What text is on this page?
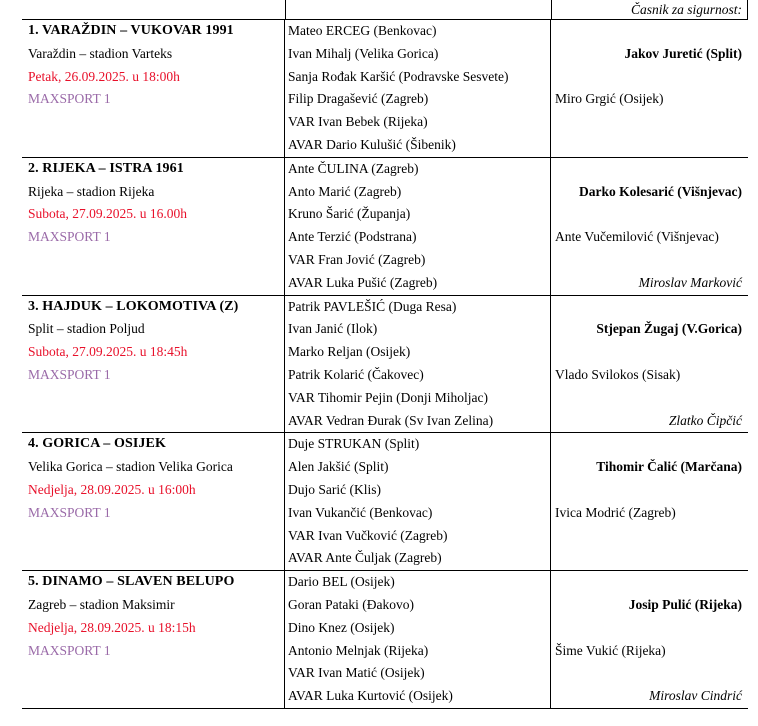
Časnik za sigurnost:
1. VARAŽDIN – VUKOVAR 1991
Varaždin – stadion Varteks
Petak, 26.09.2025. u 18:00h
MAXSPORT 1
Mateo ERCEG (Benkovac)
Ivan Mihalj (Velika Gorica)
Sanja Rođak Karšić (Podravske Sesvete)
Filip Dragašević (Zagreb)
VAR Ivan Bebek (Rijeka)
AVAR Dario Kulušić (Šibenik)
Jakov Juretić (Split)
Miro Grgić (Osijek)
2. RIJEKA – ISTRA 1961
Rijeka – stadion Rijeka
Subota, 27.09.2025. u 16.00h
MAXSPORT 1
Ante ČULINA (Zagreb)
Anto Marić (Zagreb)
Kruno Šarić (Županja)
Ante Terzić (Podstrana)
VAR Fran Jović (Zagreb)
AVAR Luka Pušić (Zagreb)
Darko Kolesarić (Višnjevac)
Ante Vučemilović (Višnjevac)
Miroslav Marković
3. HAJDUK – LOKOMOTIVA (Z)
Split – stadion Poljud
Subota, 27.09.2025. u 18:45h
MAXSPORT 1
Patrik PAVLEŠIĆ (Duga Resa)
Ivan Janić (Ilok)
Marko Reljan (Osijek)
Patrik Kolarić (Čakovec)
VAR Tihomir Pejin (Donji Miholjac)
AVAR Vedran Đurak (Sv Ivan Zelina)
Stjepan Žugaj (V.Gorica)
Vlado Svilokos (Sisak)
Zlatko Čipčić
4. GORICA – OSIJEK
Velika Gorica – stadion Velika Gorica
Nedjelja, 28.09.2025. u 16:00h
MAXSPORT 1
Duje STRUKAN (Split)
Alen Jakšić (Split)
Dujo Sarić (Klis)
Ivan Vukančić (Benkovac)
VAR Ivan Vučković (Zagreb)
AVAR Ante Čuljak (Zagreb)
Tihomir Čalić (Marčana)
Ivica Modrić (Zagreb)
5. DINAMO – SLAVEN BELUPO
Zagreb – stadion Maksimir
Nedjelja, 28.09.2025. u 18:15h
MAXSPORT 1
Dario BEL (Osijek)
Goran Pataki (Đakovo)
Dino Knez (Osijek)
Antonio Melnjak (Rijeka)
VAR Ivan Matić (Osijek)
AVAR Luka Kurtović (Osijek)
Josip Pulić (Rijeka)
Šime Vukić (Rijeka)
Miroslav Cindrić
